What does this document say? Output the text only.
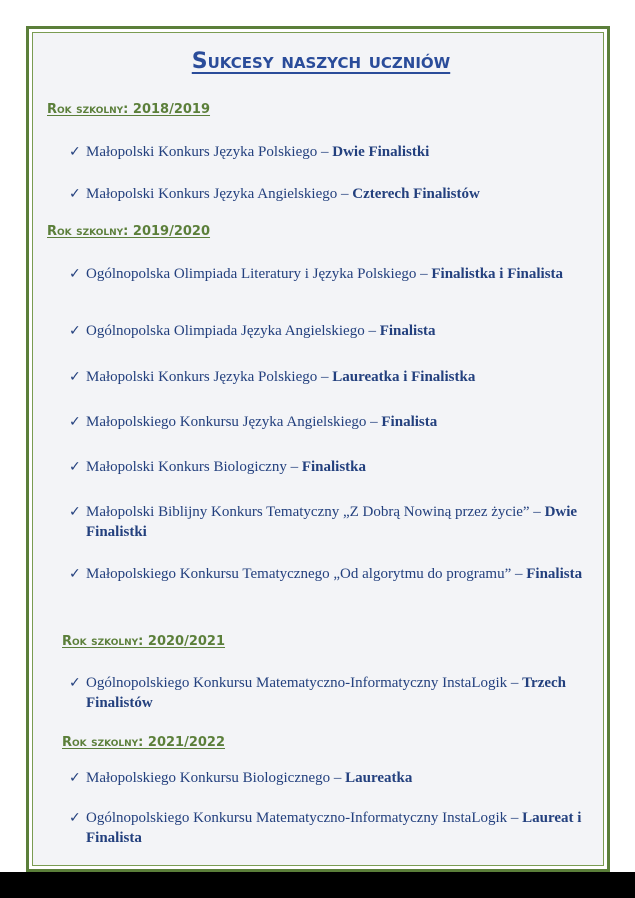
Sukcesy naszych uczniów

Rok szkolny: 2018/2019

✓ Małopolski Konkurs Języka Polskiego – Dwie Finalistki

✓ Małopolski Konkurs Języka Angielskiego – Czterech Finalistów

Rok szkolny: 2019/2020

✓ Ogólnopolska Olimpiada Literatury i Języka Polskiego – Finalistka i Finalista

✓ Ogólnopolska Olimpiada Języka Angielskiego – Finalista

✓ Małopolski Konkurs Języka Polskiego – Laureatka i Finalistka

✓ Małopolskiego Konkursu Języka Angielskiego – Finalista

✓ Małopolski Konkurs Biologiczny – Finalistka

✓ Małopolski Biblijny Konkurs Tematyczny „Z Dobrą Nowiną przez życie” – Dwie Finalistki

✓ Małopolskiego Konkursu Tematycznego „Od algorytmu do programu” – Finalista

Rok szkolny: 2020/2021

✓ Ogólnopolskiego Konkursu Matematyczno-Informatyczny InstaLogik – Trzech Finalistów

Rok szkolny: 2021/2022

✓ Małopolskiego Konkursu Biologicznego – Laureatka

✓ Ogólnopolskiego Konkursu Matematyczno-Informatyczny InstaLogik – Laureat i Finalista
